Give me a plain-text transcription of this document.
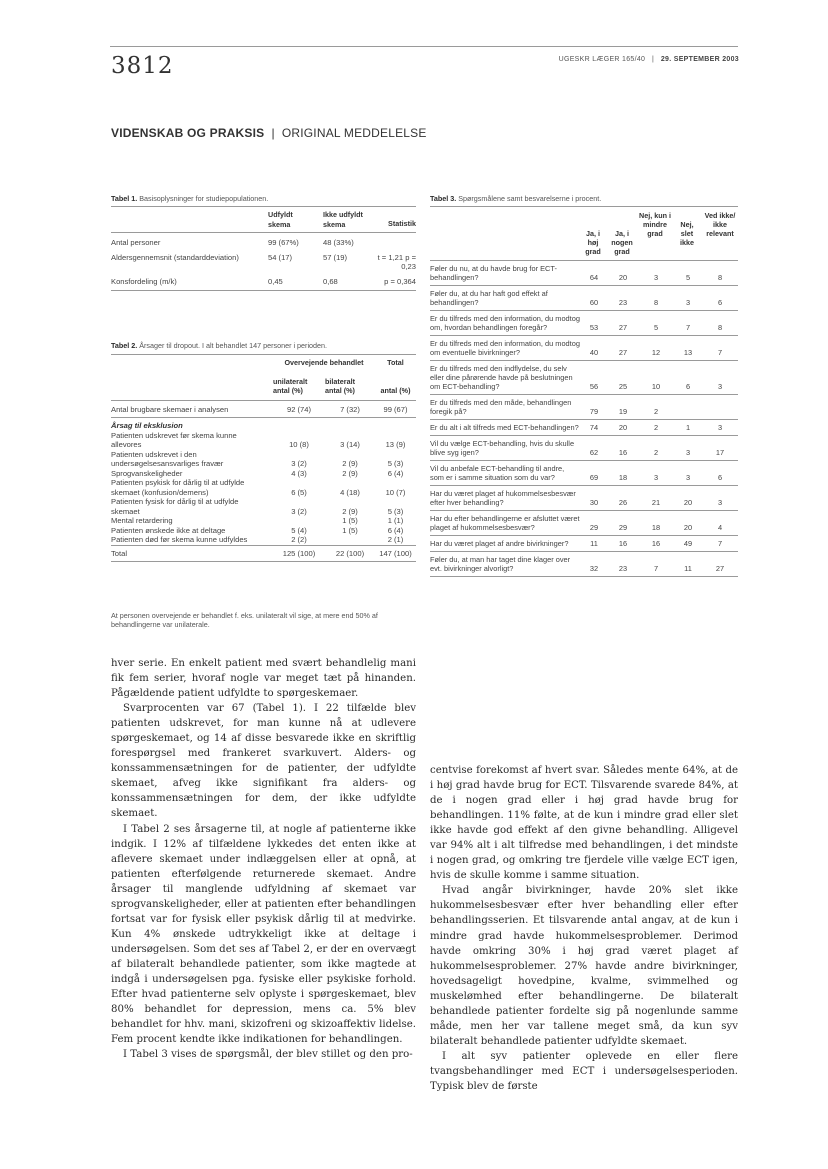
3812	UGESKR LÆGER 165/40 | 29. SEPTEMBER 2003
VIDENSKAB OG PRAKSIS | ORIGINAL MEDDELELSE
Tabel 1. Basisoplysninger for studiepopulationen.
	Udfyldt skema	Ikke udfyldt skema	Statistik
Antal personer	99 (67%)	48 (33%)	
Aldersgennemsnit (standarddeviation)	54 (17)	57 (19)	t = 1,21 p = 0,23
Konsfordeling (m/k)	0,45	0,68	p = 0,364
Tabel 2. Årsager til dropout. I alt behandlet 147 personer i perioden.
	Overvejende behandlet		Total
	unilateralt antal (%)	bilateralt antal (%)	antal (%)
Antal brugbare skemaer i analysen	92 (74)	7 (32)	99 (67)
Årsag til eksklusion			
Patienten udskrevet før skema kunne allevores	10 (8)	3 (14)	13 (9)
Patienten udskrevet i den undersøgelsesansvarliges fravær	3 (2)	2 (9)	5 (3)
Sprogvanskeligheder	4 (3)	2 (9)	6 (4)
Patienten psykisk for dårlig til at udfylde skemaet (konfusion/demens)	6 (5)	4 (18)	10 (7)
Patienten fysisk for dårlig til at udfylde skemaet	3 (2)	2 (9)	5 (3)
Mental retardering		1 (5)	1 (1)
Patienten ønskede ikke at deltage	5 (4)	1 (5)	6 (4)
Patienten død før skema kunne udfyldes	2 (2)		2 (1)
Total	125 (100)	22 (100)	147 (100)
At personen overvejende er behandlet f. eks. unilateralt vil sige, at mere end 50% af behandlingerne var unilaterale.
Tabel 3. Spørgsmålene samt besvarelserne i procent.
	Ja, i høj grad	Ja, i nogen grad	Nej, kun i mindre grad	Nej, slet ikke	Ved ikke/ ikke relevant
Føler du nu, at du havde brug for ECT-behandlingen?	64	20	3	5	8
Føler du, at du har haft god effekt af behandlingen?	60	23	8	3	6
Er du tilfreds med den information, du modtog om, hvordan behandlingen foregår?	53	27	5	7	8
Er du tilfreds med den information, du modtog om eventuelle bivirkninger?	40	27	12	13	7
Er du tilfreds med den indflydelse, du selv eller dine pårørende havde på beslutningen om ECT-behandling?	56	25	10	6	3
Er du tilfreds med den måde, behandlingen foregik på?	79	19	2		
Er du alt i alt tilfreds med ECT-behandlingen?	74	20	2	1	3
Vil du vælge ECT-behandling, hvis du skulle blive syg igen?	62	16	2	3	17
Vil du anbefale ECT-behandling til andre, som er i samme situation som du var?	69	18	3	3	6
Har du været plaget af hukommelsesbesvær efter hver behandling?	30	26	21	20	3
Har du efter behandlingerne er afsluttet været plaget af hukommelsesbesvær?	29	29	18	20	4
Har du været plaget af andre bivirkninger?	11	16	16	49	7
Føler du, at man har taget dine klager over evt. bivirkninger alvorligt?	32	23	7	11	27

hver serie. En enkelt patient med svært behandlelig mani fik fem serier, hvoraf nogle var meget tæt på hinanden. Pågældende patient udfyldte to spørgeskemaer.

Svarprocenten var 67 (Tabel 1). I 22 tilfælde blev patienten udskrevet, for man kunne nå at udlevere spørgeskemaet, og 14 af disse besvarede ikke en skriftlig forespørgsel med frankeret svarkuvert. Alders- og konssammensætningen for de patienter, der udfyldte skemaet, afveg ikke signifikant fra alders- og konssammensætningen for dem, der ikke udfyldte skemaet.

I Tabel 2 ses årsagerne til, at nogle af patienterne ikke indgik. I 12% af tilfældene lykkedes det enten ikke at aflevere skemaet under indlæggelsen eller at opnå, at patienten efterfølgende returnerede skemaet. Andre årsager til manglende udfyldning af skemaet var sprogvanskeligheder, eller at patienten efter behandlingen fortsat var for fysisk eller psykisk dårlig til at medvirke. Kun 4% ønskede udtrykkeligt ikke at deltage i undersøgelsen. Som det ses af Tabel 2, er der en overvægt af bilateralt behandlede patienter, som ikke magtede at indgå i undersøgelsen pga. fysiske eller psykiske forhold. Efter hvad patienterne selv oplyste i spørgeskemaet, blev 80% behandlet for depression, mens ca. 5% blev behandlet for hhv. mani, skizofreni og skizoaffektiv lidelse. Fem procent kendte ikke indikationen for behandlingen.

I Tabel 3 vises de spørgsmål, der blev stillet og den pro-

centvise forekomst af hvert svar. Således mente 64%, at de i høj grad havde brug for ECT. Tilsvarende svarede 84%, at de i nogen grad eller i høj grad havde brug for behandlingen. 11% følte, at de kun i mindre grad eller slet ikke havde god effekt af den givne behandling. Alligevel var 94% alt i alt tilfredse med behandlingen, i det mindste i nogen grad, og omkring tre fjerdele ville vælge ECT igen, hvis de skulle komme i samme situation.

Hvad angår bivirkninger, havde 20% slet ikke hukommelsesbesvær efter hver behandling eller efter behandlingsserien. Et tilsvarende antal angav, at de kun i mindre grad havde hukommelsesproblemer. Derimod havde omkring 30% i høj grad været plaget af hukommelsesproblemer. 27% havde andre bivirkninger, hovedsageligt hovedpine, kvalme, svimmelhed og muskelømhed efter behandlingerne. De bilateralt behandlede patienter fordelte sig på nogenlunde samme måde, men her var tallene meget små, da kun syv bilateralt behandlede patienter udfyldte skemaet.

I alt syv patienter oplevede en eller flere tvangsbehandlinger med ECT i undersøgelsesperioden. Typisk blev de første
